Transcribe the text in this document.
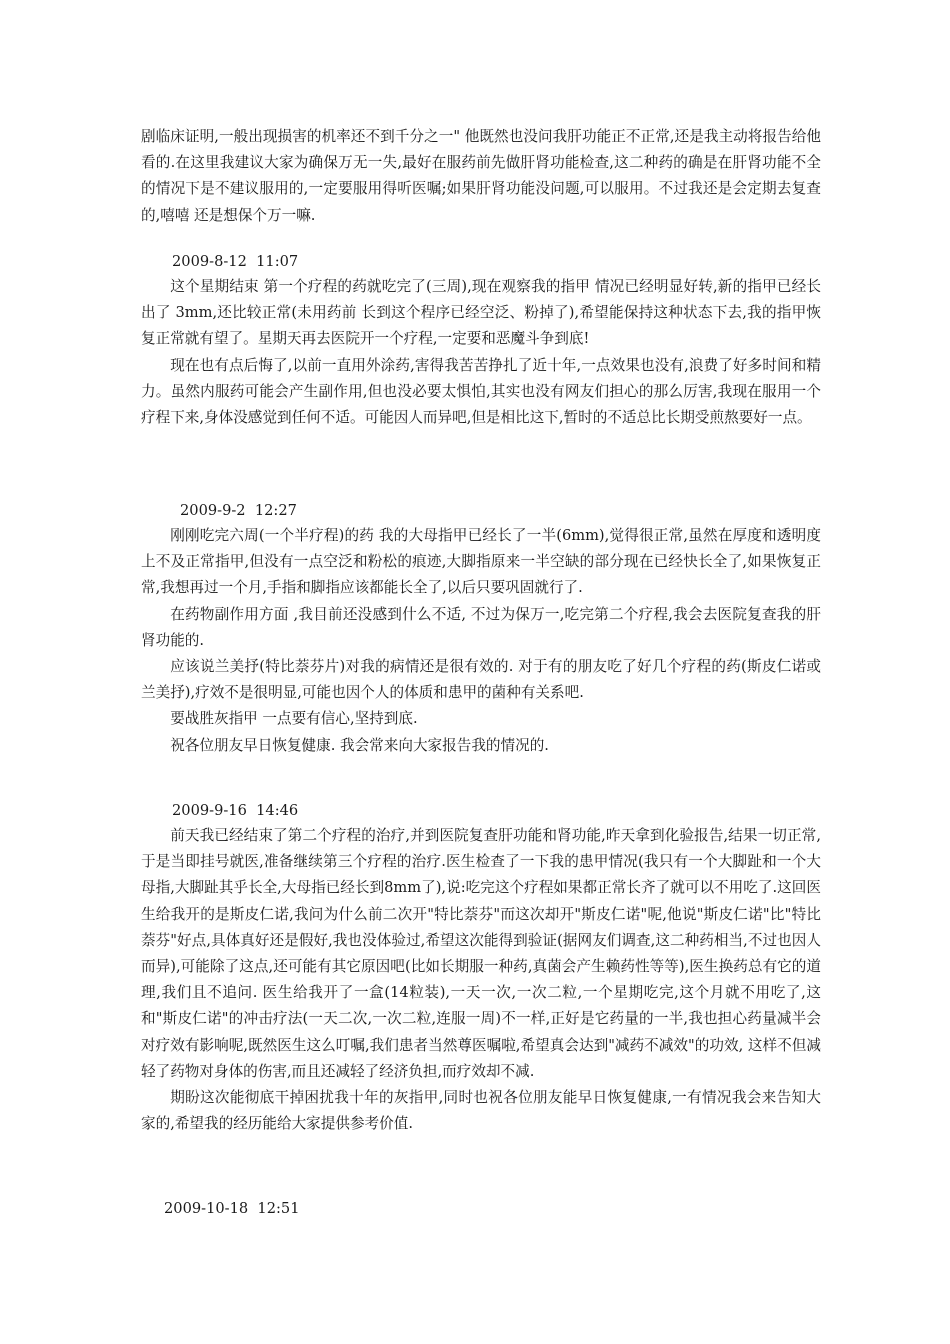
剧临床证明,一般出现损害的机率还不到千分之一" 他既然也没问我肝功能正不正常,还是我主动将报告给他看的.在这里我建议大家为确保万无一失,最好在服药前先做肝肾功能检查,这二种药的确是在肝肾功能不全的情况下是不建议服用的,一定要服用得听医嘱;如果肝肾功能没问题,可以服用。不过我还是会定期去复查的,嘻嘻 还是想保个万一嘛.

2009-8-12  11:07

这个星期结束 第一个疗程的药就吃完了(三周),现在观察我的指甲 情况已经明显好转,新的指甲已经长出了 3mm,还比较正常(未用药前 长到这个程序已经空泛、粉掉了),希望能保持这种状态下去,我的指甲恢复正常就有望了。星期天再去医院开一个疗程,一定要和恶魔斗争到底!

现在也有点后悔了,以前一直用外涂药,害得我苦苦挣扎了近十年,一点效果也没有,浪费了好多时间和精力。虽然内服药可能会产生副作用,但也没必要太惧怕,其实也没有网友们担心的那么厉害,我现在服用一个疗程下来,身体没感觉到任何不适。可能因人而异吧,但是相比这下,暂时的不适总比长期受煎熬要好一点。

2009-9-2  12:27

刚刚吃完六周(一个半疗程)的药 我的大母指甲已经长了一半(6mm),觉得很正常,虽然在厚度和透明度上不及正常指甲,但没有一点空泛和粉松的痕迹,大脚指原来一半空缺的部分现在已经快长全了,如果恢复正常,我想再过一个月,手指和脚指应该都能长全了,以后只要巩固就行了.

在药物副作用方面 ,我目前还没感到什么不适, 不过为保万一,吃完第二个疗程,我会去医院复查我的肝肾功能的.

应该说兰美抒(特比萘芬片)对我的病情还是很有效的. 对于有的朋友吃了好几个疗程的药(斯皮仁诺或兰美抒),疗效不是很明显,可能也因个人的体质和患甲的菌种有关系吧.

要战胜灰指甲 一点要有信心,坚持到底.

祝各位朋友早日恢复健康. 我会常来向大家报告我的情况的.

2009-9-16  14:46

前天我已经结束了第二个疗程的治疗,并到医院复查肝功能和肾功能,昨天拿到化验报告,结果一切正常,于是当即挂号就医,准备继续第三个疗程的治疗.医生检查了一下我的患甲情况(我只有一个大脚趾和一个大母指,大脚趾其乎长全,大母指已经长到8mm了),说:吃完这个疗程如果都正常长齐了就可以不用吃了.这回医生给我开的是斯皮仁诺,我问为什么前二次开"特比萘芬"而这次却开"斯皮仁诺"呢,他说"斯皮仁诺"比"特比萘芬"好点,具体真好还是假好,我也没体验过,希望这次能得到验证(据网友们调查,这二种药相当,不过也因人而异),可能除了这点,还可能有其它原因吧(比如长期服一种药,真菌会产生赖药性等等),医生换药总有它的道理,我们且不追问. 医生给我开了一盒(14粒装),一天一次,一次二粒,一个星期吃完,这个月就不用吃了,这和"斯皮仁诺"的冲击疗法(一天二次,一次二粒,连服一周)不一样,正好是它药量的一半,我也担心药量减半会对疗效有影响呢,既然医生这么叮嘱,我们患者当然尊医嘱啦,希望真会达到"减药不减效"的功效, 这样不但减轻了药物对身体的伤害,而且还减轻了经济负担,而疗效却不减.

期盼这次能彻底干掉困扰我十年的灰指甲,同时也祝各位朋友能早日恢复健康,一有情况我会来告知大家的,希望我的经历能给大家提供参考价值.

2009-10-18  12:51
